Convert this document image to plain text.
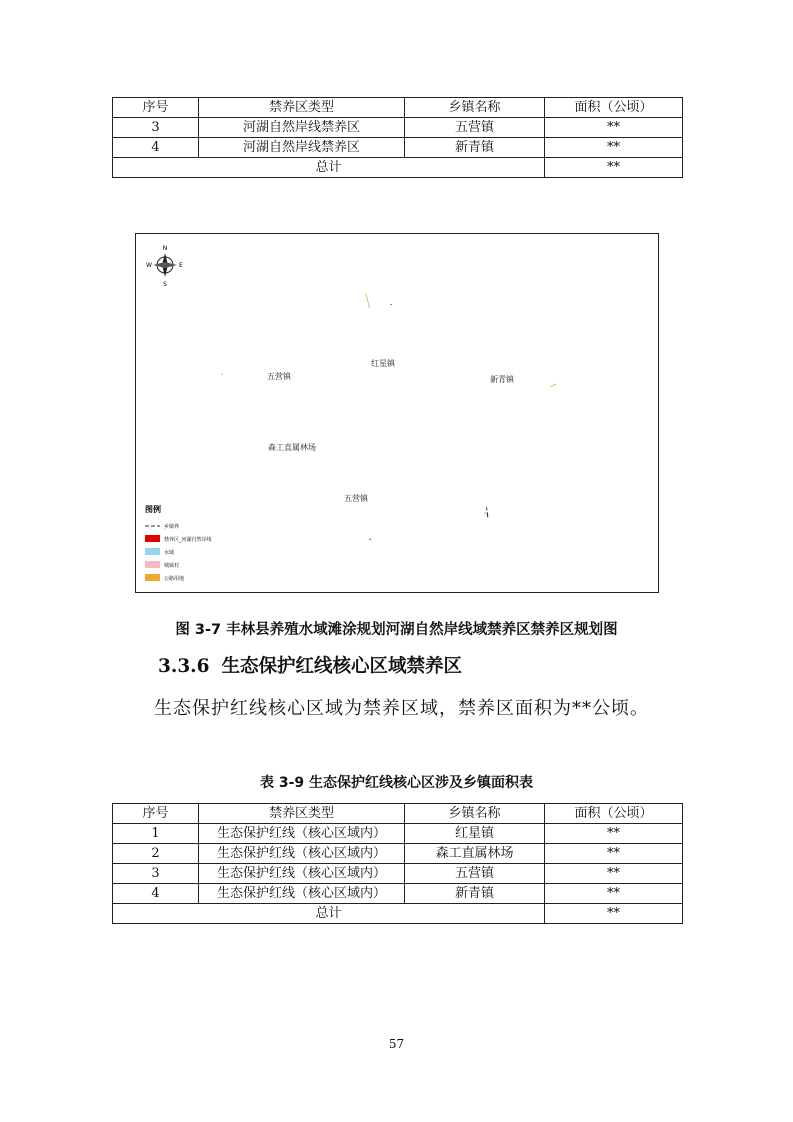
序号	禁养区类型	乡镇名称	面积（公顷）
3	河湖自然岸线禁养区	五营镇	**
4	河湖自然岸线禁养区	新青镇	**
总计			**
N
S
E
W
五营镇
红星镇
新青镇
森工直属林场
五营镇
图例
乡镇界
禁养区_河湖自然岸线
水域
城镇村
公路用地
图 3-7 丰林县养殖水域滩涂规划河湖自然岸线域禁养区禁养区规划图
3.3.6 生态保护红线核心区域禁养区
生态保护红线核心区域为禁养区域，禁养区面积为**公顷。
表 3-9 生态保护红线核心区涉及乡镇面积表
序号	禁养区类型	乡镇名称	面积（公顷）
1	生态保护红线（核心区域内）	红星镇	**
2	生态保护红线（核心区域内）	森工直属林场	**
3	生态保护红线（核心区域内）	五营镇	**
4	生态保护红线（核心区域内）	新青镇	**
总计			**
57
